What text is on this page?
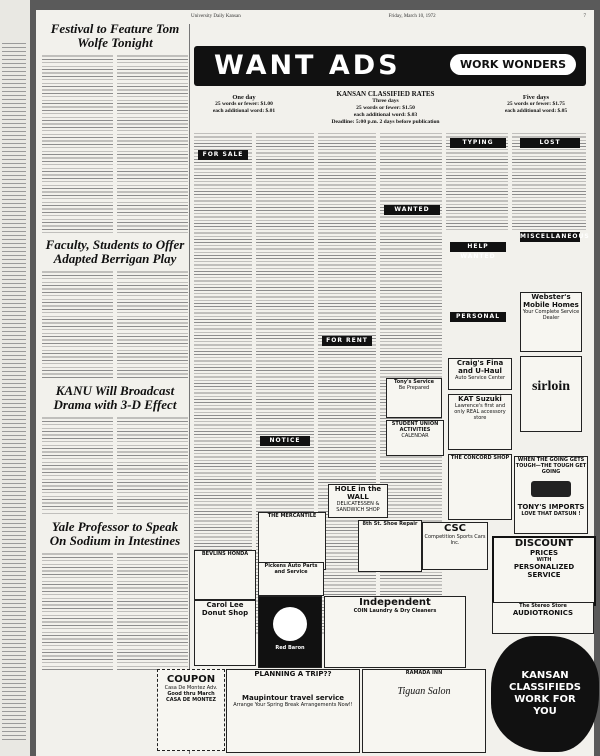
University Daily Kansan	Friday, March 10, 1972	7
Festival to Feature Tom Wolfe Tonight
Faculty, Students to Offer Adapted Berrigan Play
KANU Will Broadcast Drama with 3-D Effect
Yale Professor to Speak On Sodium in Intestines
WANT ADS	WORK WONDERS
One day
25 words or fewer: $1.00
each additional word: $.01
KANSAN CLASSIFIED RATES
Three days
25 words or fewer: $1.50
each additional word: $.03
Deadline: 5:00 p.m. 2 days before publication
Five days
25 words or fewer: $1.75
each additional word: $.05
FOR SALE
NOTICE
FOR RENT
WANTED
TYPING	LOST
HELP WANTED
MISCELLANEOUS
PERSONAL
Webster's Mobile Homes
Your Complete Service Dealer
Craig's Fina and U-Haul
Auto Service Center
sirloin
Tony's Service
Be Prepared
KAT Suzuki
Lawrence's first and only REAL accessory store
STUDENT UNION ACTIVITIES
CALENDAR
THE CONCORD SHOP	WHEN THE GOING GETS TOUGH—THE TOUGH GET GOING
TONY'S IMPORTS
LOVE THAT DATSUN !
HOLE in the WALL
DELICATESSEN & SANDWICH SHOP
CSC
Competition Sports Cars Inc.	DISCOUNT
PRICES
WITH
PERSONALIZED
SERVICE
THE MERCANTILE
BEVLINS HONDA
8th St. Shoe Repair
Pickens Auto Parts and Service
Carol Lee Donut Shop
Red Baron
Independent
COIN Laundry & Dry Cleaners
The Stereo Store
AUDIOTRONICS
COUPON
Casa De Montez Adv.
Good thru March
CASA DE MONTEZ
PLANNING A TRIP??
Maupintour travel service
Arrange Your Spring Break Arrangements Now!!
RAMADA INN
Tiguan Salon
KANSAN CLASSIFIEDS WORK FOR YOU
